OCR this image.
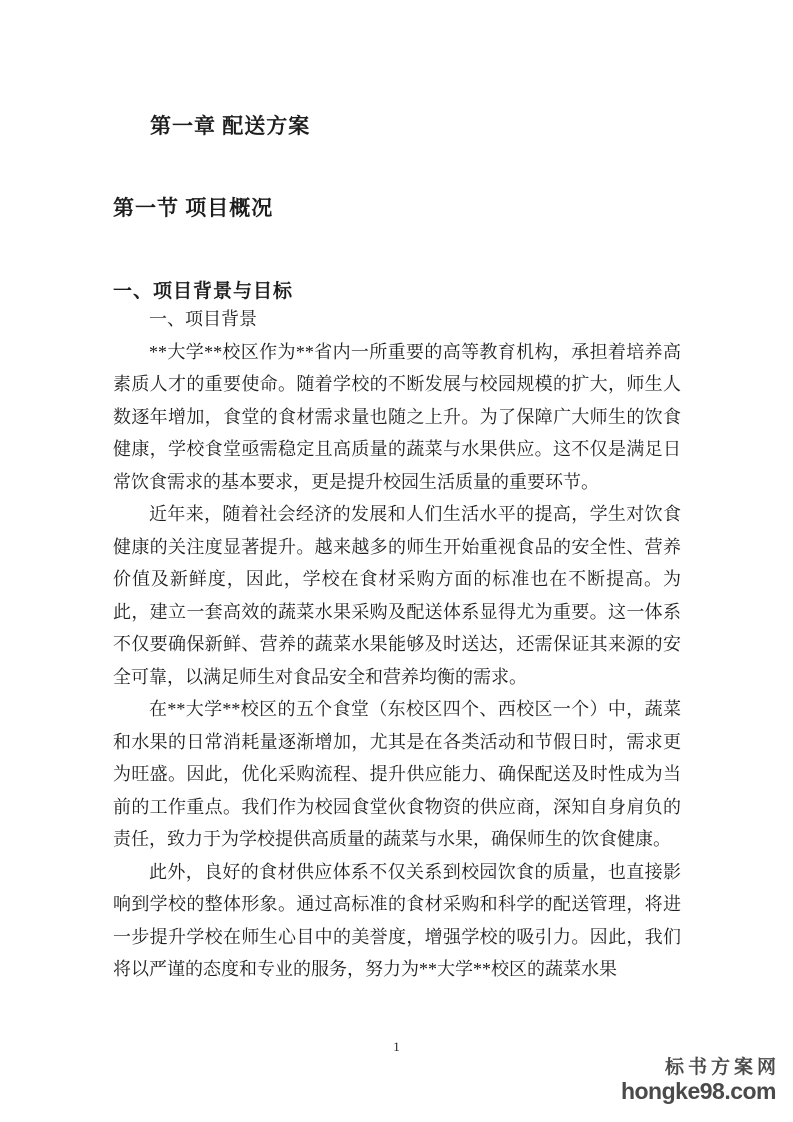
第一章 配送方案
第一节 项目概况
一、项目背景与目标

一、项目背景

**大学**校区作为**省内一所重要的高等教育机构，承担着培养高素质人才的重要使命。随着学校的不断发展与校园规模的扩大，师生人数逐年增加，食堂的食材需求量也随之上升。为了保障广大师生的饮食健康，学校食堂亟需稳定且高质量的蔬菜与水果供应。这不仅是满足日常饮食需求的基本要求，更是提升校园生活质量的重要环节。

近年来，随着社会经济的发展和人们生活水平的提高，学生对饮食健康的关注度显著提升。越来越多的师生开始重视食品的安全性、营养价值及新鲜度，因此，学校在食材采购方面的标准也在不断提高。为此，建立一套高效的蔬菜水果采购及配送体系显得尤为重要。这一体系不仅要确保新鲜、营养的蔬菜水果能够及时送达，还需保证其来源的安全可靠，以满足师生对食品安全和营养均衡的需求。

在**大学**校区的五个食堂（东校区四个、西校区一个）中，蔬菜和水果的日常消耗量逐渐增加，尤其是在各类活动和节假日时，需求更为旺盛。因此，优化采购流程、提升供应能力、确保配送及时性成为当前的工作重点。我们作为校园食堂伙食物资的供应商，深知自身肩负的责任，致力于为学校提供高质量的蔬菜与水果，确保师生的饮食健康。

此外，良好的食材供应体系不仅关系到校园饮食的质量，也直接影响到学校的整体形象。通过高标准的食材采购和科学的配送管理，将进一步提升学校在师生心目中的美誉度，增强学校的吸引力。因此，我们将以严谨的态度和专业的服务，努力为**大学**校区的蔬菜水果

1
标书方案网
hongke98.com
